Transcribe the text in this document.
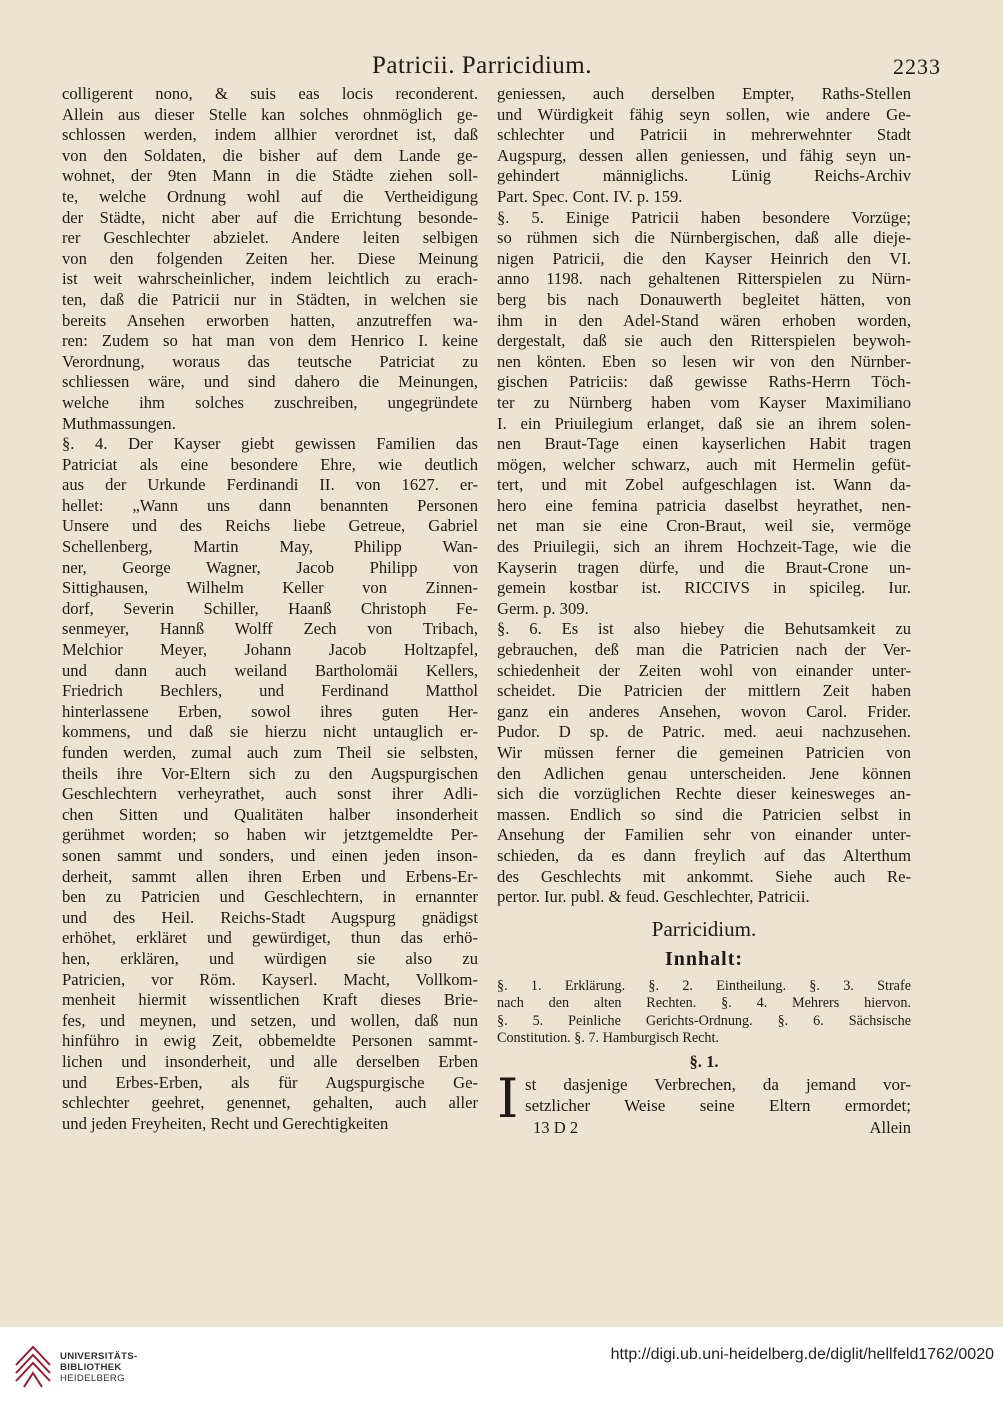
Patricii. Parricidium.	2233

colligerent nono, & suis eas locis reconderent.

Allein aus dieser Stelle kan solches ohnmöglich ge-

schlossen werden, indem allhier verordnet ist, daß

von den Soldaten, die bisher auf dem Lande ge-

wohnet, der 9ten Mann in die Städte ziehen soll-

te, welche Ordnung wohl auf die Vertheidigung

der Städte, nicht aber auf die Errichtung besonde-

rer Geschlechter abzielet. Andere leiten selbigen

von den folgenden Zeiten her. Diese Meinung

ist weit wahrscheinlicher, indem leichtlich zu erach-

ten, daß die Patricii nur in Städten, in welchen sie

bereits Ansehen erworben hatten, anzutreffen wa-

ren: Zudem so hat man von dem Henrico I. keine

Verordnung, woraus das teutsche Patriciat zu

schliessen wäre, und sind dahero die Meinungen,

welche ihm solches zuschreiben, ungegründete

Muthmassungen.

§. 4. Der Kayser giebt gewissen Familien das

Patriciat als eine besondere Ehre, wie deutlich

aus der Urkunde Ferdinandi II. von 1627. er-

hellet: „Wann uns dann benannten Personen

Unsere und des Reichs liebe Getreue, Gabriel

Schellenberg, Martin May, Philipp Wan-

ner, George Wagner, Jacob Philipp von

Sittighausen, Wilhelm Keller von Zinnen-

dorf, Severin Schiller, Haanß Christoph Fe-

senmeyer, Hannß Wolff Zech von Tribach,

Melchior Meyer, Johann Jacob Holtzapfel,

und dann auch weiland Bartholomäi Kellers,

Friedrich Bechlers, und Ferdinand Matthol

hinterlassene Erben, sowol ihres guten Her-

kommens, und daß sie hierzu nicht untauglich er-

funden werden, zumal auch zum Theil sie selbsten,

theils ihre Vor-Eltern sich zu den Augspurgischen

Geschlechtern verheyrathet, auch sonst ihrer Adli-

chen Sitten und Qualitäten halber insonderheit

gerühmet worden; so haben wir jetztgemeldte Per-

sonen sammt und sonders, und einen jeden inson-

derheit, sammt allen ihren Erben und Erbens-Er-

ben zu Patricien und Geschlechtern, in ernannter

und des Heil. Reichs-Stadt Augspurg gnädigst

erhöhet, erkläret und gewürdiget, thun das erhö-

hen, erklären, und würdigen sie also zu

Patricien, vor Röm. Kayserl. Macht, Vollkom-

menheit hiermit wissentlichen Kraft dieses Brie-

fes, und meynen, und setzen, und wollen, daß nun

hinführo in ewig Zeit, obbemeldte Personen sammt-

lichen und insonderheit, und alle derselben Erben

und Erbes-Erben, als für Augspurgische Ge-

schlechter geehret, genennet, gehalten, auch aller

und jeden Freyheiten, Recht und Gerechtigkeiten

geniessen, auch derselben Empter, Raths-Stellen

und Würdigkeit fähig seyn sollen, wie andere Ge-

schlechter und Patricii in mehrerwehnter Stadt

Augspurg, dessen allen geniessen, und fähig seyn un-

gehindert männiglichs. Lünig Reichs-Archiv

Part. Spec. Cont. IV. p. 159.

§. 5. Einige Patricii haben besondere Vorzüge;

so rühmen sich die Nürnbergischen, daß alle dieje-

nigen Patricii, die den Kayser Heinrich den VI.

anno 1198. nach gehaltenen Ritterspielen zu Nürn-

berg bis nach Donauwerth begleitet hätten, von

ihm in den Adel-Stand wären erhoben worden,

dergestalt, daß sie auch den Ritterspielen beywoh-

nen könten. Eben so lesen wir von den Nürnber-

gischen Patriciis: daß gewisse Raths-Herrn Töch-

ter zu Nürnberg haben vom Kayser Maximiliano

I. ein Priuilegium erlanget, daß sie an ihrem solen-

nen Braut-Tage einen kayserlichen Habit tragen

mögen, welcher schwarz, auch mit Hermelin gefüt-

tert, und mit Zobel aufgeschlagen ist. Wann da-

hero eine femina patricia daselbst heyrathet, nen-

net man sie eine Cron-Braut, weil sie, vermöge

des Priuilegii, sich an ihrem Hochzeit-Tage, wie die

Kayserin tragen dürfe, und die Braut-Crone un-

gemein kostbar ist. RICCIVS in spicileg. Iur.

Germ. p. 309.

§. 6. Es ist also hiebey die Behutsamkeit zu

gebrauchen, deß man die Patricien nach der Ver-

schiedenheit der Zeiten wohl von einander unter-

scheidet. Die Patricien der mittlern Zeit haben

ganz ein anderes Ansehen, wovon Carol. Frider.

Pudor. D sp. de Patric. med. aeui nachzusehen.

Wir müssen ferner die gemeinen Patricien von

den Adlichen genau unterscheiden. Jene können

sich die vorzüglichen Rechte dieser keinesweges an-

massen. Endlich so sind die Patricien selbst in

Ansehung der Familien sehr von einander unter-

schieden, da es dann freylich auf das Alterthum

des Geschlechts mit ankommt. Siehe auch Re-

pertor. Iur. publ. & feud. Geschlechter, Patricii.

Parricidium.
Innhalt:

§. 1. Erklärung. §. 2. Eintheilung. §. 3. Strafe

nach den alten Rechten. §. 4. Mehrers hiervon.

§. 5. Peinliche Gerichts-Ordnung. §. 6. Sächsische

Constitution. §. 7. Hamburgisch Recht.

§. 1.
I st dasjenige Verbrechen, da jemand vor-

setzlicher Weise seine Eltern ermordet;

13 D 2	Allein
UNIVERSITÄTS-
BIBLIOTHEK
HEIDELBERG
http://digi.ub.uni-heidelberg.de/diglit/hellfeld1762/0020
